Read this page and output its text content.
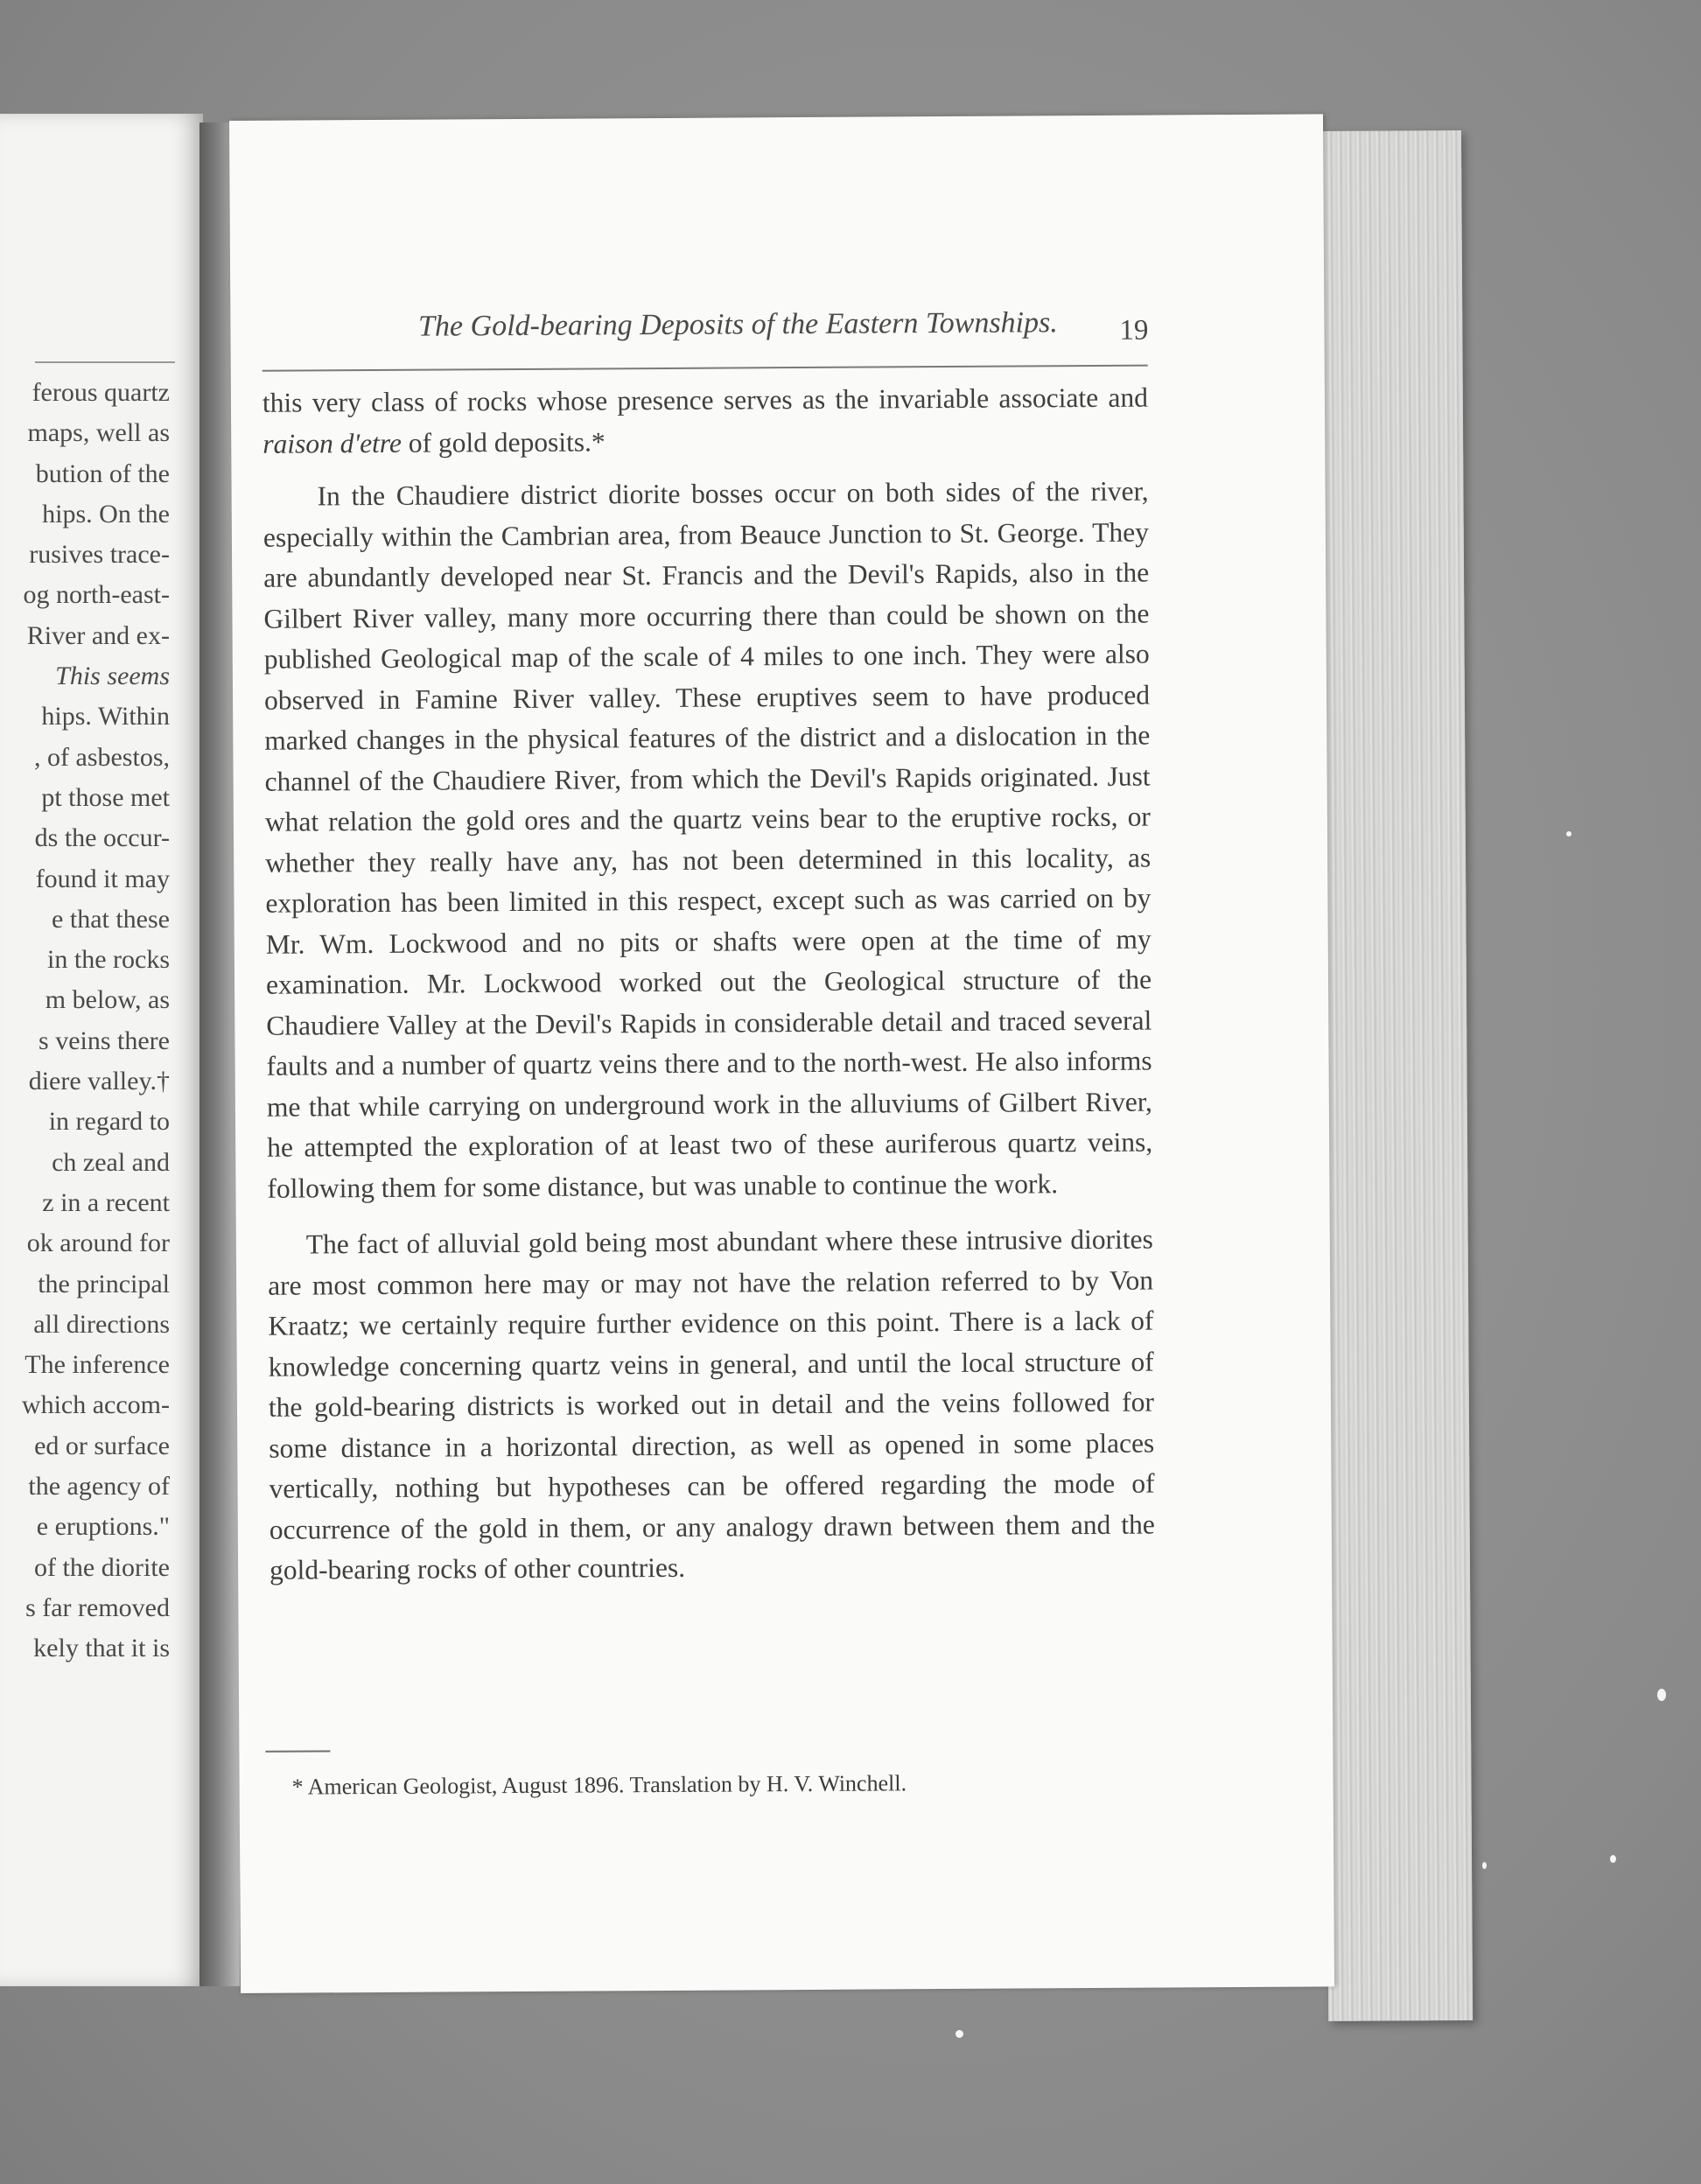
ferous quartz
maps, well as
bution of the
hips. On the
rusives trace-
og north-east-
River and ex-
This seems
hips. Within
, of asbestos,
pt those met
ds the occur-
found it may
e that these
in the rocks
m below, as
s veins there
diere valley.†
in regard to
ch zeal and
z in a recent
ok around for
the principal
all directions
The inference
which accom-
ed or surface
the agency of
e eruptions."
of the diorite
s far removed
kely that it is

The Gold-bearing Deposits of the Eastern Townships.	19

this very class of rocks whose presence serves as the invariable associate and raison d'etre of gold deposits.*

In the Chaudiere district diorite bosses occur on both sides of the river, especially within the Cambrian area, from Beauce Junction to St. George. They are abundantly developed near St. Francis and the Devil's Rapids, also in the Gilbert River valley, many more occurring there than could be shown on the published Geological map of the scale of 4 miles to one inch. They were also observed in Famine River valley. These eruptives seem to have produced marked changes in the physical features of the district and a dislocation in the channel of the Chaudiere River, from which the Devil's Rapids originated. Just what relation the gold ores and the quartz veins bear to the eruptive rocks, or whether they really have any, has not been determined in this locality, as exploration has been limited in this respect, except such as was carried on by Mr. Wm. Lockwood and no pits or shafts were open at the time of my examination. Mr. Lockwood worked out the Geological structure of the Chaudiere Valley at the Devil's Rapids in considerable detail and traced several faults and a number of quartz veins there and to the north-west. He also informs me that while carrying on underground work in the alluviums of Gilbert River, he attempted the exploration of at least two of these auriferous quartz veins, following them for some distance, but was unable to continue the work.

The fact of alluvial gold being most abundant where these intrusive diorites are most common here may or may not have the relation referred to by Von Kraatz; we certainly require further evidence on this point. There is a lack of knowledge concerning quartz veins in general, and until the local structure of the gold-bearing districts is worked out in detail and the veins followed for some distance in a horizontal direction, as well as opened in some places vertically, nothing but hypotheses can be offered regarding the mode of occurrence of the gold in them, or any analogy drawn between them and the gold-bearing rocks of other countries.

* American Geologist, August 1896. Translation by H. V. Winchell.
